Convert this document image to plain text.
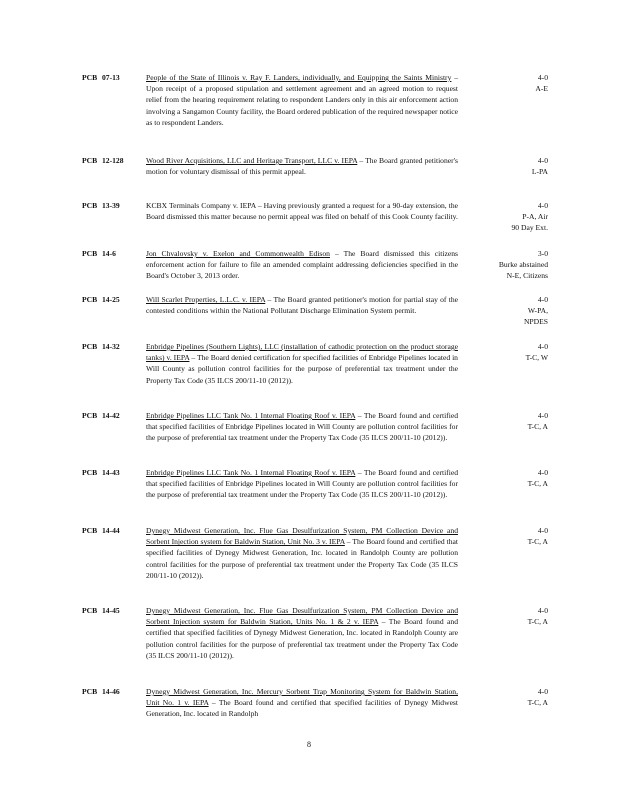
PCB 07-13	People of the State of Illinois v. Ray F. Landers, individually, and Equipping the Saints Ministry – Upon receipt of a proposed stipulation and settlement agreement and an agreed motion to request relief from the hearing requirement relating to respondent Landers only in this air enforcement action involving a Sangamon County facility, the Board ordered publication of the required newspaper notice as to respondent Landers.
4-0
A-E
PCB 12-128	Wood River Acquisitions, LLC and Heritage Transport, LLC v. IEPA – The Board granted petitioner's motion for voluntary dismissal of this permit appeal.
4-0
L-PA
PCB 13-39	KCBX Terminals Company v. IEPA – Having previously granted a request for a 90-day extension, the Board dismissed this matter because no permit appeal was filed on behalf of this Cook County facility.
4-0
P-A, Air
90 Day Ext.
PCB 14-6	Jon Chvalovsky v. Exelon and Commonwealth Edison – The Board dismissed this citizens enforcement action for failure to file an amended complaint addressing deficiencies specified in the Board's October 3, 2013 order.
3-0
Burke abstained
N-E, Citizens
PCB 14-25	Will Scarlet Properties, L.L.C. v. IEPA – The Board granted petitioner's motion for partial stay of the contested conditions within the National Pollutant Discharge Elimination System permit.
4-0
W-PA,
NPDES
PCB 14-32	Enbridge Pipelines (Southern Lights), LLC (installation of cathodic protection on the product storage tanks) v. IEPA – The Board denied certification for specified facilities of Enbridge Pipelines located in Will County as pollution control facilities for the purpose of preferential tax treatment under the Property Tax Code (35 ILCS 200/11-10 (2012)).
4-0
T-C, W
PCB 14-42	Enbridge Pipelines LLC Tank No. 1 Internal Floating Roof v. IEPA – The Board found and certified that specified facilities of Enbridge Pipelines located in Will County are pollution control facilities for the purpose of preferential tax treatment under the Property Tax Code (35 ILCS 200/11-10 (2012)).
4-0
T-C, A
PCB 14-43	Enbridge Pipelines LLC Tank No. 1 Internal Floating Roof v. IEPA – The Board found and certified that specified facilities of Enbridge Pipelines located in Will County are pollution control facilities for the purpose of preferential tax treatment under the Property Tax Code (35 ILCS 200/11-10 (2012)).
4-0
T-C, A
PCB 14-44	Dynegy Midwest Generation, Inc. Flue Gas Desulfurization System, PM Collection Device and Sorbent Injection system for Baldwin Station, Unit No. 3 v. IEPA – The Board found and certified that specified facilities of Dynegy Midwest Generation, Inc. located in Randolph County are pollution control facilities for the purpose of preferential tax treatment under the Property Tax Code (35 ILCS 200/11-10 (2012)).
4-0
T-C, A
PCB 14-45	Dynegy Midwest Generation, Inc. Flue Gas Desulfurization System, PM Collection Device and Sorbent Injection system for Baldwin Station, Units No. 1 & 2 v. IEPA – The Board found and certified that specified facilities of Dynegy Midwest Generation, Inc. located in Randolph County are pollution control facilities for the purpose of preferential tax treatment under the Property Tax Code (35 ILCS 200/11-10 (2012)).
4-0
T-C, A
PCB 14-46	Dynegy Midwest Generation, Inc. Mercury Sorbent Trap Monitoring System for Baldwin Station, Unit No. 1 v. IEPA – The Board found and certified that specified facilities of Dynegy Midwest Generation, Inc. located in Randolph
4-0
T-C, A
8
